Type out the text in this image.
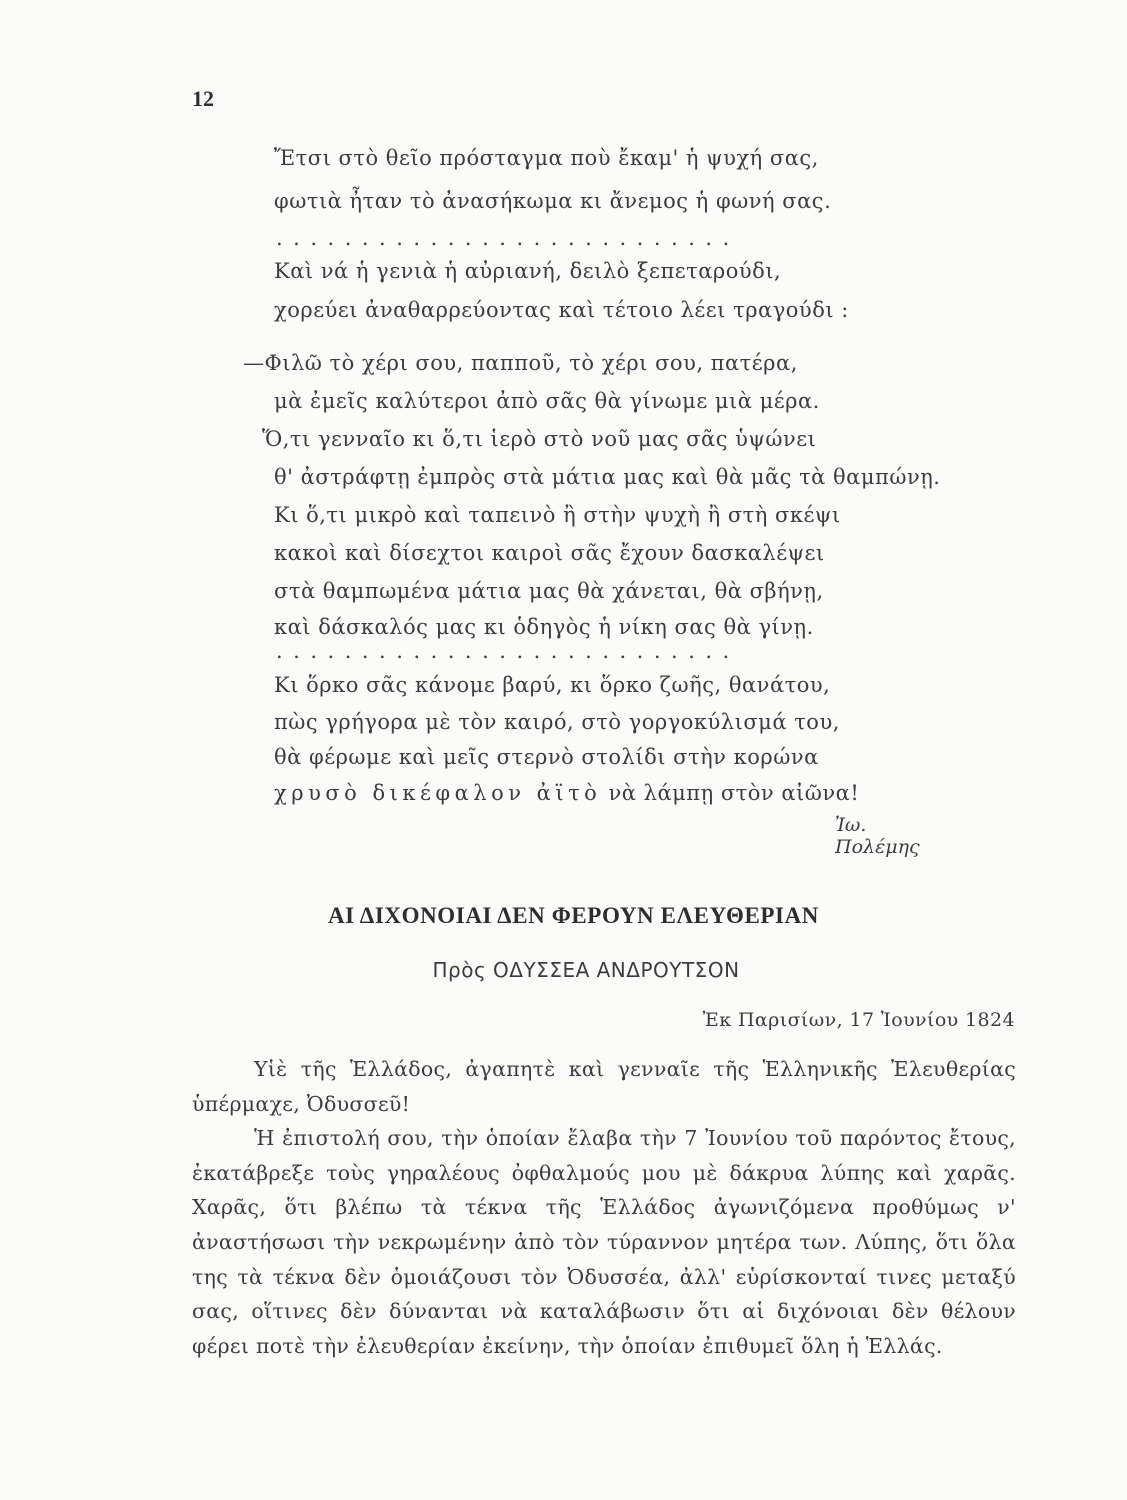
12
Ἔτσι στὸ θεῖο πρόσταγμα ποὺ ἔκαμ' ἡ ψυχή σας,
φωτιὰ ἦταν τὸ ἀνασήκωμα κι ἄνεμος ἡ φωνή σας.
...........................
Καὶ νά ἡ γενιὰ ἡ αὐριανή, δειλὸ ξεπεταρούδι,
χορεύει ἀναθαρρεύοντας καὶ τέτοιο λέει τραγούδι :
—Φιλῶ τὸ χέρι σου, παπποῦ, τὸ χέρι σου, πατέρα,
μὰ ἐμεῖς καλύτεροι ἀπὸ σᾶς θὰ γίνωμε μιὰ μέρα.
Ὅ,τι γενναῖο κι ὅ,τι ἱερὸ στὸ νοῦ μας σᾶς ὑψώνει
θ' ἀστράφτῃ ἐμπρὸς στὰ μάτια μας καὶ θὰ μᾶς τὰ θαμπώνῃ.
Κι ὅ,τι μικρὸ καὶ ταπεινὸ ἢ στὴν ψυχὴ ἢ στὴ σκέψι
κακοὶ καὶ δίσεχτοι καιροὶ σᾶς ἔχουν δασκαλέψει
στὰ θαμπωμένα μάτια μας θὰ χάνεται, θὰ σβήνῃ,
καὶ δάσκαλός μας κι ὁδηγὸς ἡ νίκη σας θὰ γίνῃ.
...........................
Κι ὅρκο σᾶς κάνομε βαρύ, κι ὅρκο ζωῆς, θανάτου,
πὼς γρήγορα μὲ τὸν καιρό, στὸ γοργοκύλισμά του,
θὰ φέρωμε καὶ μεῖς στερνὸ στολίδι στὴν κορώνα
χρυσὸ δικέφαλον ἀϊτὸ νὰ λάμπῃ στὸν αἰῶνα!
Ἰω. Πολέμης
ΑΙ ΔΙΧΟΝΟΙΑΙ ΔΕΝ ΦΕΡΟΥΝ ΕΛΕΥΘΕΡΙΑΝ
Πρὸς ΟΔΥΣΣΕΑ ΑΝΔΡΟΥΤΣΟΝ
Ἐκ Παρισίων, 17 Ἰουνίου 1824

Υἱὲ τῆς Ἑλλάδος, ἀγαπητὲ καὶ γενναῖε τῆς Ἑλληνικῆς Ἐλευθερίας ὑπέρμαχε, Ὀδυσσεῦ!

Ἡ ἐπιστολή σου, τὴν ὁποίαν ἔλαβα τὴν 7 Ἰουνίου τοῦ παρόντος ἔτους, ἐκατάβρεξε τοὺς γηραλέους ὀφθαλμούς μου μὲ δάκρυα λύπης καὶ χαρᾶς. Χαρᾶς, ὅτι βλέπω τὰ τέκνα τῆς Ἑλλάδος ἀγωνιζόμενα προθύμως ν' ἀναστήσωσι τὴν νεκρωμένην ἀπὸ τὸν τύραννον μητέρα των. Λύπης, ὅτι ὅλα της τὰ τέκνα δὲν ὁμοιάζουσι τὸν Ὀδυσσέα, ἀλλ' εὑρίσκονταί τινες μεταξύ σας, οἵτινες δὲν δύνανται νὰ καταλάβωσιν ὅτι αἱ διχόνοιαι δὲν θέλουν φέρει ποτὲ τὴν ἐλευθερίαν ἐκείνην, τὴν ὁποίαν ἐπιθυμεῖ ὅλη ἡ Ἑλλάς.
